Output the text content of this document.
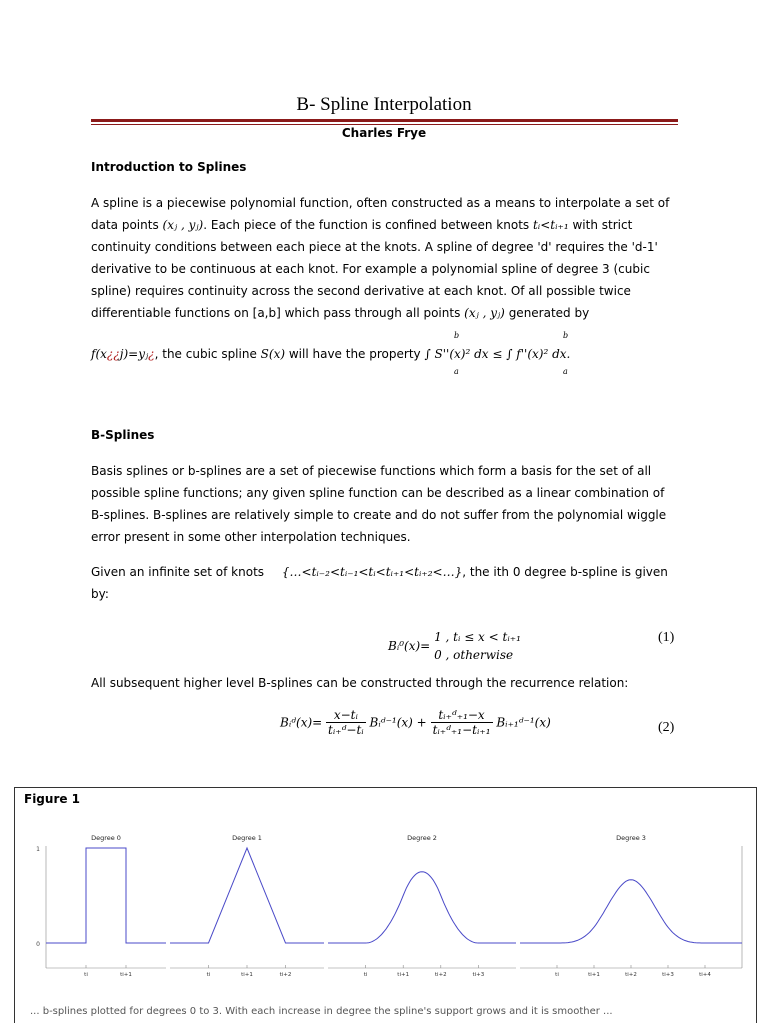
B- Spline Interpolation
Charles Frye
Introduction to Splines
A spline is a piecewise polynomial function, often constructed as a means to interpolate a set of
data points (xⱼ , yⱼ). Each piece of the function is confined between knots tᵢ<tᵢ₊₁ with strict
continuity conditions between each piece at the knots. A spline of degree 'd' requires the 'd-1'
derivative to be continuous at each knot. For example a polynomial spline of degree 3 (cubic
spline) requires continuity across the second derivative at each knot. Of all possible twice
differentiable functions on [a,b] which pass through all points (xⱼ , yⱼ) generated by
f(x¿¿j)=yⱼ¿, the cubic spline S(x) will have the property ∫ S''(x)² dx ≤ ∫ f''(x)² dx.
b
a
b
a
B-Splines
Basis splines or b-splines are a set of piecewise functions which form a basis for the set of all
possible spline functions; any given spline function can be described as a linear combination of
B-splines. B-splines are relatively simple to create and do not suffer from the polynomial wiggle
error present in some other interpolation techniques.
Given an infinite set of knots {…<tᵢ₋₂<tᵢ₋₁<tᵢ<tᵢ₊₁<tᵢ₊₂<…}, the ith 0 degree b-spline is given
by:
Bᵢ⁰(x)=
1 , tᵢ ≤ x < tᵢ₊₁
0 , otherwise
(1)
All subsequent higher level B-splines can be constructed through the recurrence relation:
Bᵢᵈ(x)= $\frac{\text{x−tᵢ}}{\text{tᵢ₊ᵈ−tᵢ}}$ Bᵢᵈ⁻¹(x) + $\frac{\text{tᵢ₊ᵈ₊₁−x}}{\text{tᵢ₊ᵈ₊₁−tᵢ₊₁}}$ Bᵢ₊₁ᵈ⁻¹(x)	(2)
Figure 1
1
0
Degree 0
ti	ti+1
Degree 1
ti	ti+1	ti+2
Degree 2
ti	ti+1	ti+2	ti+3
Degree 3
ti	ti+1	ti+2	ti+3	ti+4
... b-splines plotted for degrees 0 to 3. With each increase in degree the spline's support grows and it is smoother ...
